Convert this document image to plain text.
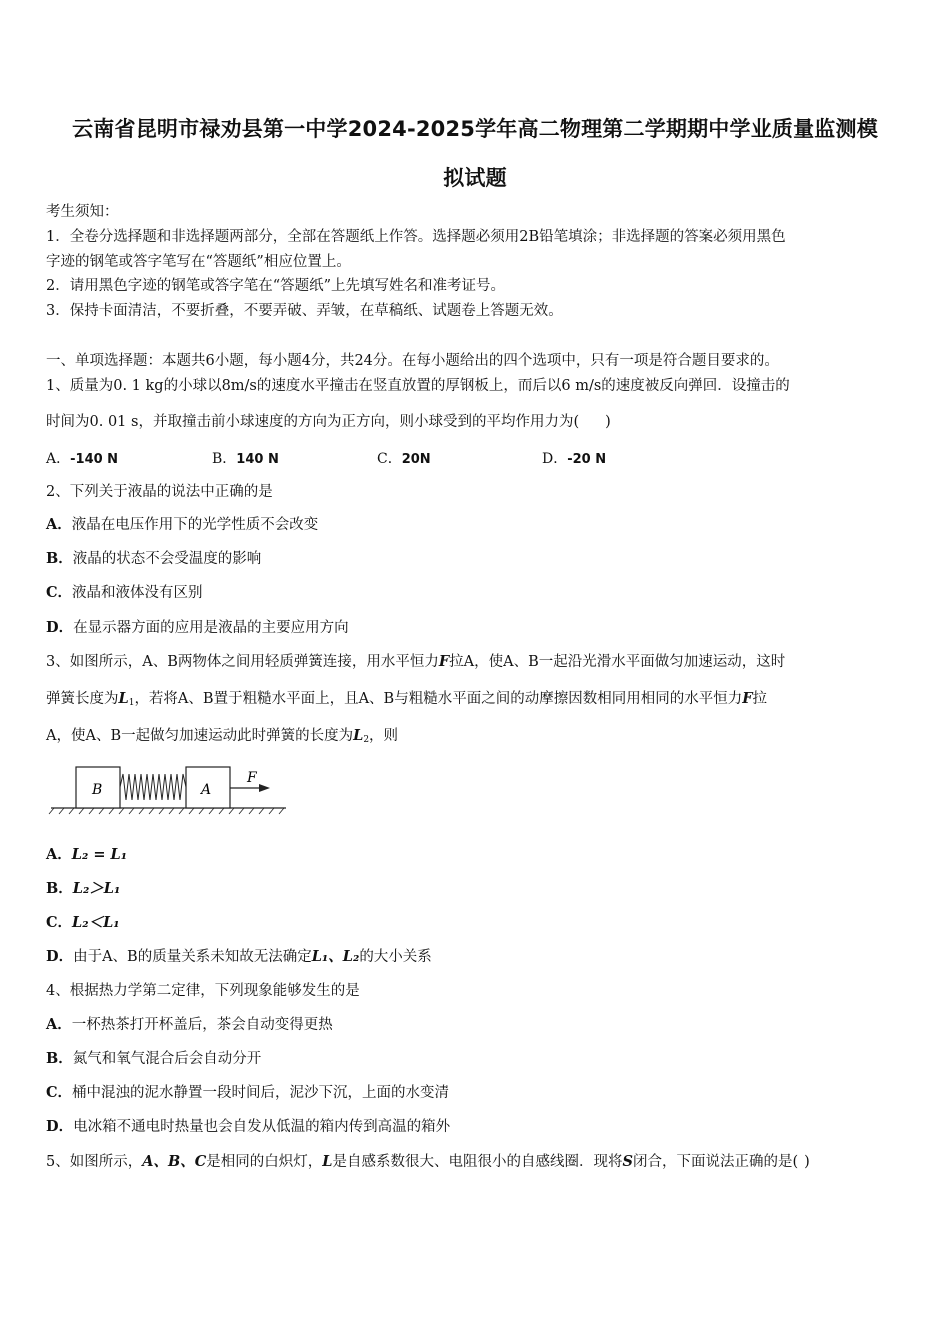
云南省昆明市禄劝县第一中学2024-2025学年高二物理第二学期期中学业质量监测模
拟试题
考生须知：
1．全卷分选择题和非选择题两部分，全部在答题纸上作答。选择题必须用2B铅笔填涂；非选择题的答案必须用黑色
字迹的钢笔或答字笔写在“答题纸”相应位置上。
2．请用黑色字迹的钢笔或答字笔在“答题纸”上先填写姓名和准考证号。
3．保持卡面清洁，不要折叠，不要弄破、弄皱，在草稿纸、试题卷上答题无效。
一、单项选择题：本题共6小题，每小题4分，共24分。在每小题给出的四个选项中，只有一项是符合题目要求的。
1、质量为0. 1 kg的小球以8m/s的速度水平撞击在竖直放置的厚钢板上，而后以6 m/s的速度被反向弹回．设撞击的
时间为0. 01 s，并取撞击前小球速度的方向为正方向，则小球受到的平均作用力为( )
A．-140 N	B．140 N	C．20N	D．-20 N
2、下列关于液晶的说法中正确的是
A．液晶在电压作用下的光学性质不会改变
B．液晶的状态不会受温度的影响
C．液晶和液体没有区别
D．在显示器方面的应用是液晶的主要应用方向
3、如图所示，A、B两物体之间用轻质弹簧连接，用水平恒力F拉A，使A、B一起沿光滑水平面做匀加速运动，这时
弹簧长度为$L_1$，若将A、B置于粗糙水平面上，且A、B与粗糙水平面之间的动摩擦因数相同用相同的水平恒力F拉
A，使A、B一起做匀加速运动此时弹簧的长度为$L_2$，则
B	A
F
A．L₂ = L₁
B．L₂＞L₁
C．L₂＜L₁
D．由于A、B的质量关系未知故无法确定L₁、L₂的大小关系
4、根据热力学第二定律，下列现象能够发生的是
A．一杯热茶打开杯盖后，茶会自动变得更热
B．氮气和氧气混合后会自动分开
C．桶中混浊的泥水静置一段时间后，泥沙下沉，上面的水变清
D．电冰箱不通电时热量也会自发从低温的箱内传到高温的箱外
5、如图所示，A、B、C是相同的白炽灯，L是自感系数很大、电阻很小的自感线圈．现将S闭合，下面说法正确的是( )
